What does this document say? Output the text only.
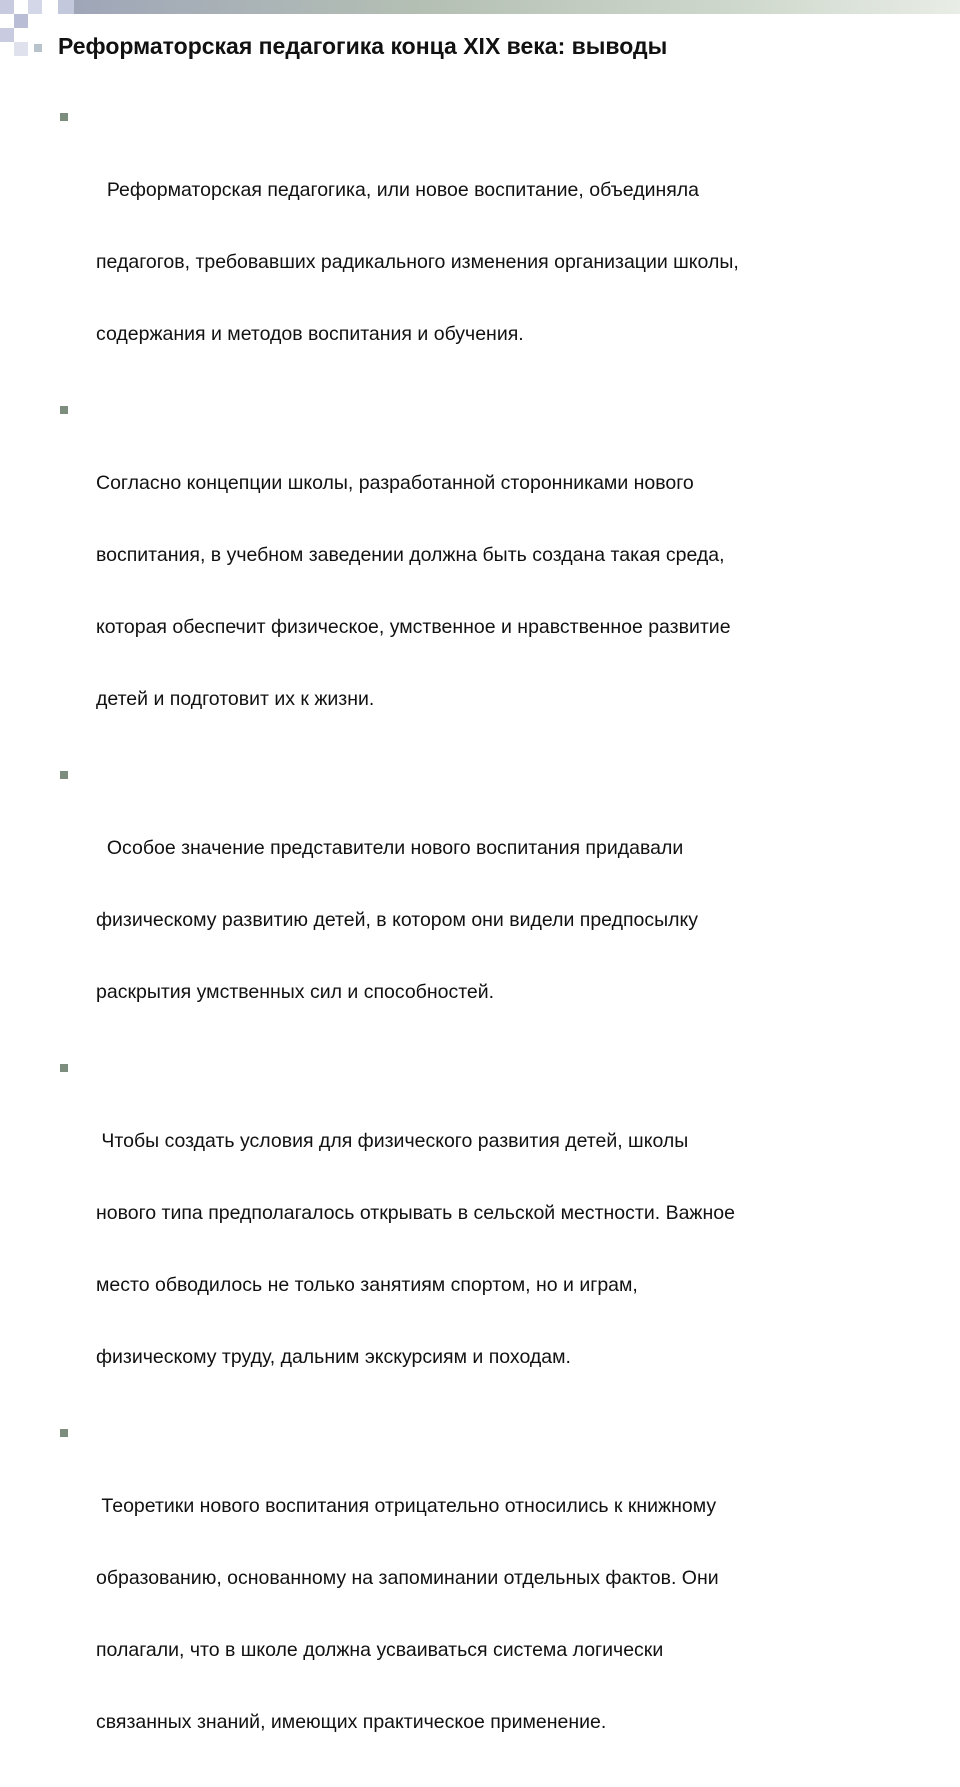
Реформаторская педагогика конца XIX века: выводы

Реформаторская педагогика, или новое воспитание, объединяла

педагогов, требовавших радикального изменения организации школы,

содержания и методов воспитания и обучения.

Согласно концепции школы, разработанной сторонниками нового

воспитания, в учебном заведении должна быть создана такая среда,

которая обеспечит физическое, умственное и нравственное развитие

детей и подготовит их к жизни.

Особое значение представители нового воспитания придавали

физическому развитию детей, в котором они видели предпосылку

раскрытия умственных сил и способностей.

Чтобы создать условия для физического развития детей, школы

нового типа предполагалось открывать в сельской местности. Важное

место обводилось не только занятиям спортом, но и играм,

физическому труду, дальним экскурсиям и походам.

Теоретики нового воспитания отрицательно относились к книжному

образованию, основанному на запоминании отдельных фактов. Они

полагали, что в школе должна усваиваться система логически

связанных знаний, имеющих практическое применение.
